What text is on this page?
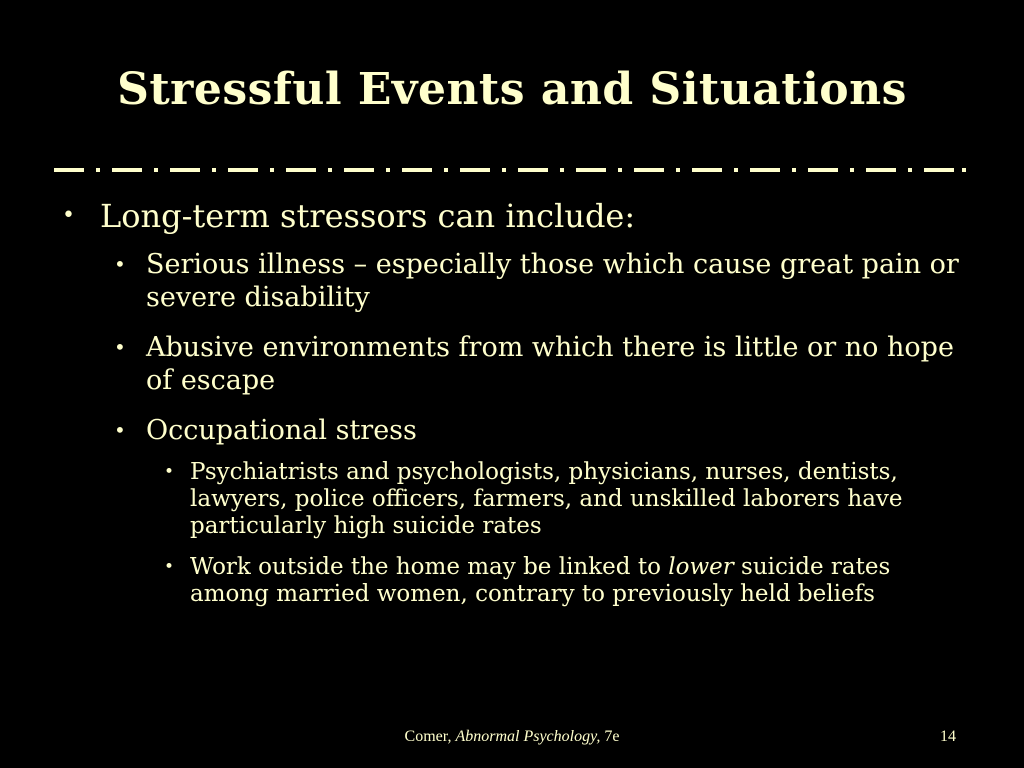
Stressful Events and Situations
• Long-term stressors can include:
• Serious illness – especially those which cause great pain or severe disability
• Abusive environments from which there is little or no hope of escape
• Occupational stress
• Psychiatrists and psychologists, physicians, nurses, dentists, lawyers, police officers, farmers, and unskilled laborers have particularly high suicide rates
• Work outside the home may be linked to lower suicide rates among married women, contrary to previously held beliefs
Comer, Abnormal Psychology, 7e	14
